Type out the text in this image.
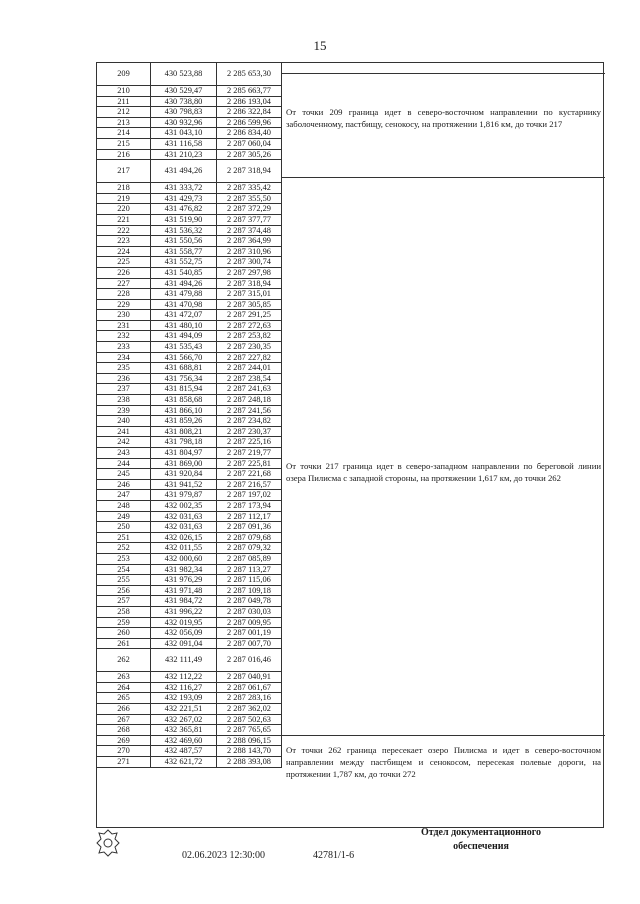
15
209	430 523,88	2 285 653,30
210	430 529,47	2 285 663,77
211	430 738,80	2 286 193,04
212	430 798,83	2 286 322,84
213	430 932,96	2 286 599,96
214	431 043,10	2 286 834,40
215	431 116,58	2 287 060,04
216	431 210,23	2 287 305,26
217	431 494,26	2 287 318,94
218	431 333,72	2 287 335,42
219	431 429,73	2 287 355,50
220	431 476,82	2 287 372,29
221	431 519,90	2 287 377,77
222	431 536,32	2 287 374,48
223	431 550,56	2 287 364,99
224	431 558,77	2 287 310,96
225	431 552,75	2 287 300,74
226	431 540,85	2 287 297,98
227	431 494,26	2 287 318,94
228	431 479,88	2 287 315,01
229	431 470,98	2 287 305,85
230	431 472,07	2 287 291,25
231	431 480,10	2 287 272,63
232	431 494,09	2 287 253,82
233	431 535,43	2 287 230,35
234	431 566,70	2 287 227,82
235	431 688,81	2 287 244,01
236	431 756,34	2 287 238,54
237	431 815,94	2 287 241,63
238	431 858,68	2 287 248,18
239	431 866,10	2 287 241,56
240	431 859,26	2 287 234,82
241	431 808,21	2 287 230,37
242	431 798,18	2 287 225,16
243	431 804,97	2 287 219,77
244	431 869,00	2 287 225,81
245	431 920,84	2 287 221,68
246	431 941,52	2 287 216,57
247	431 979,87	2 287 197,02
248	432 002,35	2 287 173,94
249	432 031,63	2 287 112,17
250	432 031,63	2 287 091,36
251	432 026,15	2 287 079,68
252	432 011,55	2 287 079,32
253	432 000,60	2 287 085,89
254	431 982,34	2 287 113,27
255	431 976,29	2 287 115,06
256	431 971,48	2 287 109,18
257	431 984,72	2 287 049,78
258	431 996,22	2 287 030,03
259	432 019,95	2 287 009,95
260	432 056,09	2 287 001,19
261	432 091,04	2 287 007,70
262	432 111,49	2 287 016,46
263	432 112,22	2 287 040,91
264	432 116,27	2 287 061,67
265	432 193,09	2 287 283,16
266	432 221,51	2 287 362,02
267	432 267,02	2 287 502,63
268	432 365,81	2 287 765,65
269	432 469,60	2 288 096,15
270	432 487,57	2 288 143,70
271	432 621,72	2 288 393,08
От точки 209 граница идет в северо-восточном направлении по кустарнику заболоченному, пастбищу, сенокосу, на протяжении 1,816 км, до точки 217
От точки 217 граница идет в северо-западном направлении по береговой линии озера Пилисма с западной стороны, на протяжении 1,617 км, до точки 262
От точки 262 граница пересекает озеро Пилисма и идет в северо-восточном направлении между пастбищем и сенокосом, пересекая полевые дороги, на протяжении 1,787 км, до точки 272
02.06.2023 12:30:00	42781/1-6
Отдел документационного
обеспечения
